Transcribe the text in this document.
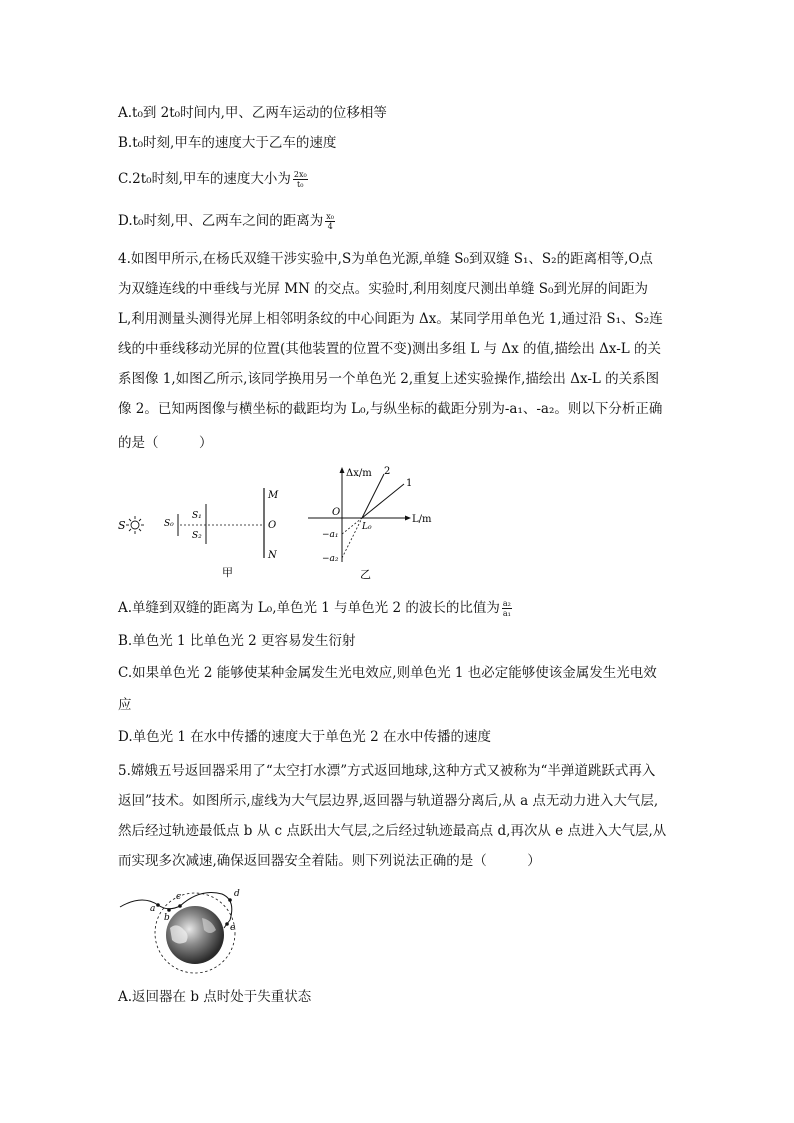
A.t₀到 2t₀时间内,甲、乙两车运动的位移相等
B.t₀时刻,甲车的速度大于乙车的速度
C.2t₀时刻,甲车的速度大小为 $\frac{\text{2x₀}}{\text{t₀}}$
D.t₀时刻,甲、乙两车之间的距离为 $\frac{\text{x₀}}{4}$
4.如图甲所示,在杨氏双缝干涉实验中,S为单色光源,单缝 S₀到双缝 S₁、S₂的距离相等,O点
为双缝连线的中垂线与光屏 MN 的交点。实验时,利用刻度尺测出单缝 S₀到光屏的间距为
L,利用测量头测得光屏上相邻明条纹的中心间距为 Δx。某同学用单色光 1,通过沿 S₁、S₂连
线的中垂线移动光屏的位置(其他装置的位置不变)测出多组 L 与 Δx 的值,描绘出 Δx-L 的关
系图像 1,如图乙所示,该同学换用另一个单色光 2,重复上述实验操作,描绘出 Δx-L 的关系图
像 2。已知两图像与横坐标的截距均为 L₀,与纵坐标的截距分别为-a₁、-a₂。则以下分析正确
的是（　　　）
S	S₀
S₁
S₂
M
O
N
甲
Δx/m
L/m
O
L₀
−a₁
−a₂
1
2
乙
A.单缝到双缝的距离为 L₀,单色光 1 与单色光 2 的波长的比值为 $\frac{\text{a₂}}{\text{a₁}}$
B.单色光 1 比单色光 2 更容易发生衍射
C.如果单色光 2 能够使某种金属发生光电效应,则单色光 1 也必定能够使该金属发生光电效
应
D.单色光 1 在水中传播的速度大于单色光 2 在水中传播的速度
5.嫦娥五号返回器采用了“太空打水漂”方式返回地球,这种方式又被称为“半弹道跳跃式再入
返回”技术。如图所示,虚线为大气层边界,返回器与轨道器分离后,从 a 点无动力进入大气层,
然后经过轨迹最低点 b 从 c 点跃出大气层,之后经过轨迹最高点 d,再次从 e 点进入大气层,从
而实现多次减速,确保返回器安全着陆。则下列说法正确的是（　　　）
a
b
c	d
e
A.返回器在 b 点时处于失重状态
